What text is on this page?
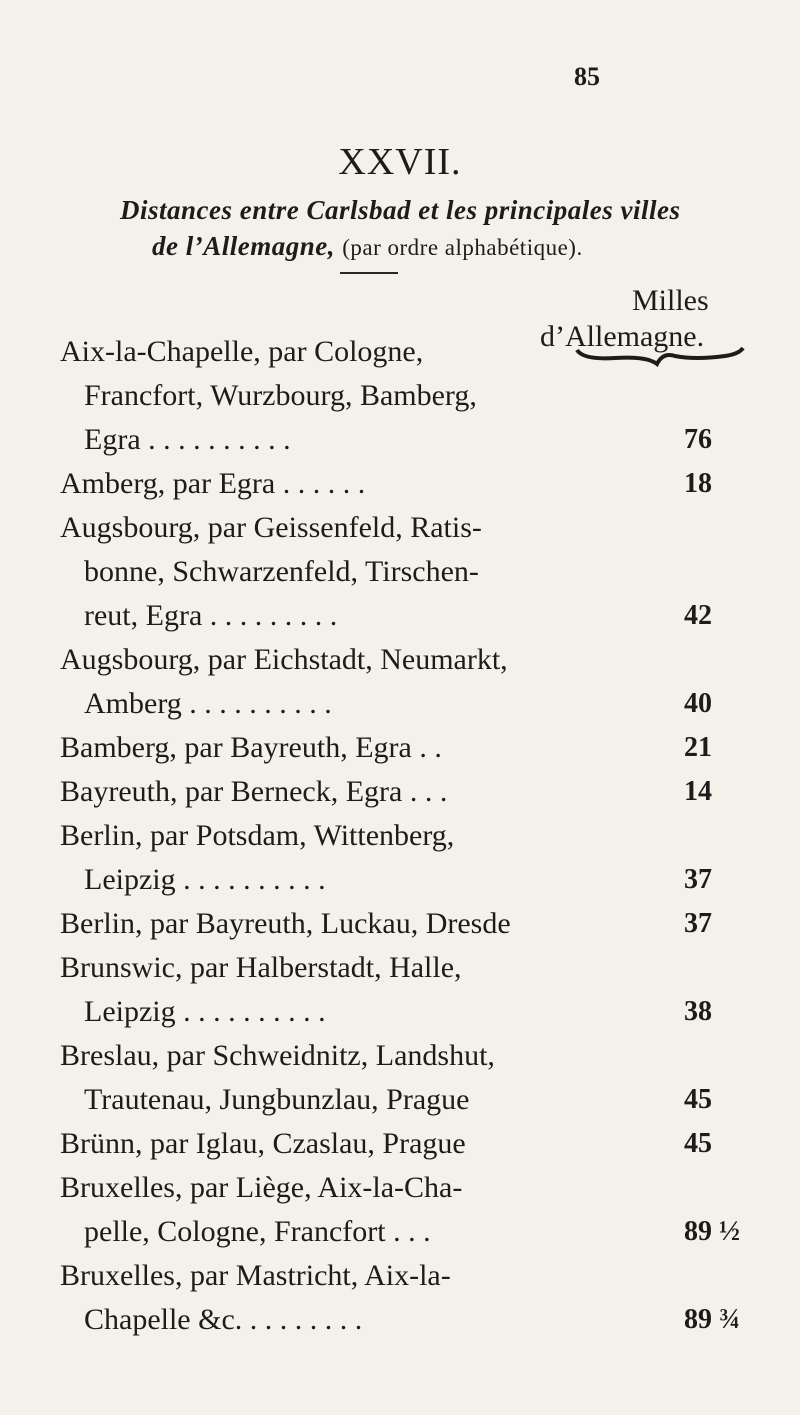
85
XXVII.
Distances entre Carlsbad et les principales villes
de l’Allemagne, (par ordre alphabétique).
Milles
d’Allemagne.
Aix-la-Chapelle, par Cologne,
Francfort, Wurzbourg, Bamberg,
Egra . . . . . . . . . .	76
Amberg, par Egra . . . . . .	18
Augsbourg, par Geissenfeld, Ratis-
bonne, Schwarzenfeld, Tirschen-
reut, Egra . . . . . . . . .	42
Augsbourg, par Eichstadt, Neumarkt,
Amberg . . . . . . . . . .	40
Bamberg, par Bayreuth, Egra . .	21
Bayreuth, par Berneck, Egra . . .	14
Berlin, par Potsdam, Wittenberg,
Leipzig . . . . . . . . . .	37
Berlin, par Bayreuth, Luckau, Dresde	37
Brunswic, par Halberstadt, Halle,
Leipzig . . . . . . . . . .	38
Breslau, par Schweidnitz, Landshut,
Trautenau, Jungbunzlau, Prague	45
Brünn, par Iglau, Czaslau, Prague	45
Bruxelles, par Liège, Aix-la-Cha-
pelle, Cologne, Francfort . . .	89 ½
Bruxelles, par Mastricht, Aix-la-
Chapelle &c. . . . . . . . .	89 ¾
